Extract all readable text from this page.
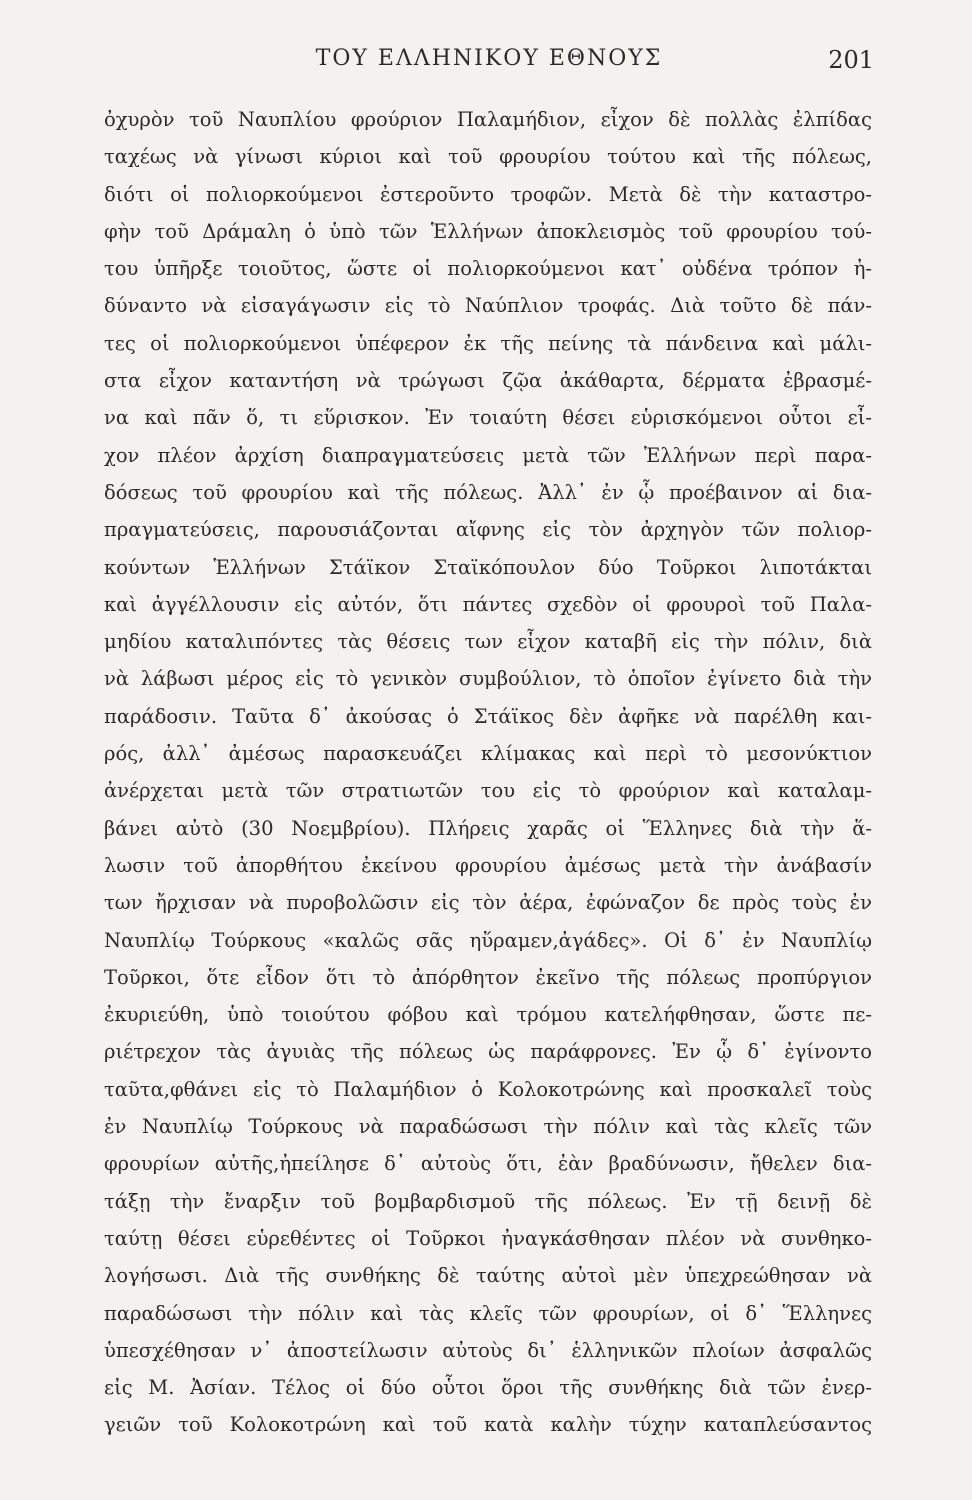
ΤΟΥ ΕΛΛΗΝΙΚΟΥ ΕΘΝΟΥΣ	201
ὀχυρὸν τοῦ Ναυπλίου φρούριον Παλαμήδιον, εἶχον δὲ πολλὰς ἐλπίδας
ταχέως νὰ γίνωσι κύριοι καὶ τοῦ φρουρίου τούτου καὶ τῆς πόλεως,
διότι οἱ πολιορκούμενοι ἐστεροῦντο τροφῶν. Μετὰ δὲ τὴν καταστρο-
φὴν τοῦ Δράμαλη ὁ ὑπὸ τῶν Ἑλλήνων ἀποκλεισμὸς τοῦ φρουρίου τού-
του ὑπῆρξε τοιοῦτος, ὥστε οἱ πολιορκούμενοι κατ᾽ οὐδένα τρόπον ἠ-
δύναντο νὰ εἰσαγάγωσιν εἰς τὸ Ναύπλιον τροφάς. Διὰ τοῦτο δὲ πάν-
τες οἱ πολιορκούμενοι ὑπέφερον ἐκ τῆς πείνης τὰ πάνδεινα καὶ μάλι-
στα εἶχον καταντήση νὰ τρώγωσι ζῷα ἀκάθαρτα, δέρματα ἐβρασμέ-
να καὶ πᾶν ὅ, τι εὕρισκον. Ἐν τοιαύτη θέσει εὑρισκόμενοι οὗτοι εἶ-
χον πλέον ἀρχίση διαπραγματεύσεις μετὰ τῶν Ἑλλήνων περὶ παρα-
δόσεως τοῦ φρουρίου καὶ τῆς πόλεως. Ἀλλ᾽ ἐν ᾧ προέβαινον αἱ δια-
πραγματεύσεις, παρουσιάζονται αἴφνης εἰς τὸν ἀρχηγὸν τῶν πολιορ-
κούντων Ἑλλήνων Στάϊκον Σταϊκόπουλον δύο Τοῦρκοι λιποτάκται
καὶ ἀγγέλλουσιν εἰς αὐτόν, ὅτι πάντες σχεδὸν οἱ φρουροὶ τοῦ Παλα-
μηδίου καταλιπόντες τὰς θέσεις των εἶχον καταβῆ εἰς τὴν πόλιν, διὰ
νὰ λάβωσι μέρος εἰς τὸ γενικὸν συμβούλιον, τὸ ὁποῖον ἐγίνετο διὰ τὴν
παράδοσιν. Ταῦτα δ᾽ ἀκούσας ὁ Στάϊκος δὲν ἀφῆκε νὰ παρέλθη και-
ρός, ἀλλ᾽ ἀμέσως παρασκευάζει κλίμακας καὶ περὶ τὸ μεσονύκτιον
ἀνέρχεται μετὰ τῶν στρατιωτῶν του εἰς τὸ φρούριον καὶ καταλαμ-
βάνει αὐτὸ (30 Νοεμβρίου). Πλήρεις χαρᾶς οἱ Ἕλληνες διὰ τὴν ἅ-
λωσιν τοῦ ἀπορθήτου ἐκείνου φρουρίου ἀμέσως μετὰ τὴν ἀνάβασίν
των ἤρχισαν νὰ πυροβολῶσιν εἰς τὸν ἀέρα, ἐφώναζον δε πρὸς τοὺς ἐν
Ναυπλίῳ Τούρκους «καλῶς σᾶς ηὕραμεν,ἀγάδες». Οἱ δ᾽ ἐν Ναυπλίῳ
Τοῦρκοι, ὅτε εἶδον ὅτι τὸ ἀπόρθητον ἐκεῖνο τῆς πόλεως προπύργιον
ἐκυριεύθη, ὑπὸ τοιούτου φόβου καὶ τρόμου κατελήφθησαν, ὥστε πε-
ριέτρεχον τὰς ἀγυιὰς τῆς πόλεως ὡς παράφρονες. Ἐν ᾧ δ᾽ ἐγίνοντο
ταῦτα,φθάνει εἰς τὸ Παλαμήδιον ὁ Κολοκοτρώνης καὶ προσκαλεῖ τοὺς
ἐν Ναυπλίῳ Τούρκους νὰ παραδώσωσι τὴν πόλιν καὶ τὰς κλεῖς τῶν
φρουρίων αὐτῆς,ἠπείλησε δ᾽ αὐτοὺς ὅτι, ἐὰν βραδύνωσιν, ἤθελεν δια-
τάξῃ τὴν ἔναρξιν τοῦ βομβαρδισμοῦ τῆς πόλεως. Ἐν τῇ δεινῇ δὲ
ταύτῃ θέσει εὑρεθέντες οἱ Τοῦρκοι ἠναγκάσθησαν πλέον νὰ συνθηκο-
λογήσωσι. Διὰ τῆς συνθήκης δὲ ταύτης αὐτοὶ μὲν ὑπεχρεώθησαν νὰ
παραδώσωσι τὴν πόλιν καὶ τὰς κλεῖς τῶν φρουρίων, οἱ δ᾽ Ἕλληνες
ὑπεσχέθησαν ν᾽ ἀποστείλωσιν αὐτοὺς δι᾽ ἑλληνικῶν πλοίων ἀσφαλῶς
εἰς Μ. Ἀσίαν. Τέλος οἱ δύο οὗτοι ὅροι τῆς συνθήκης διὰ τῶν ἐνερ-
γειῶν τοῦ Κολοκοτρώνη καὶ τοῦ κατὰ καλὴν τύχην καταπλεύσαντος
